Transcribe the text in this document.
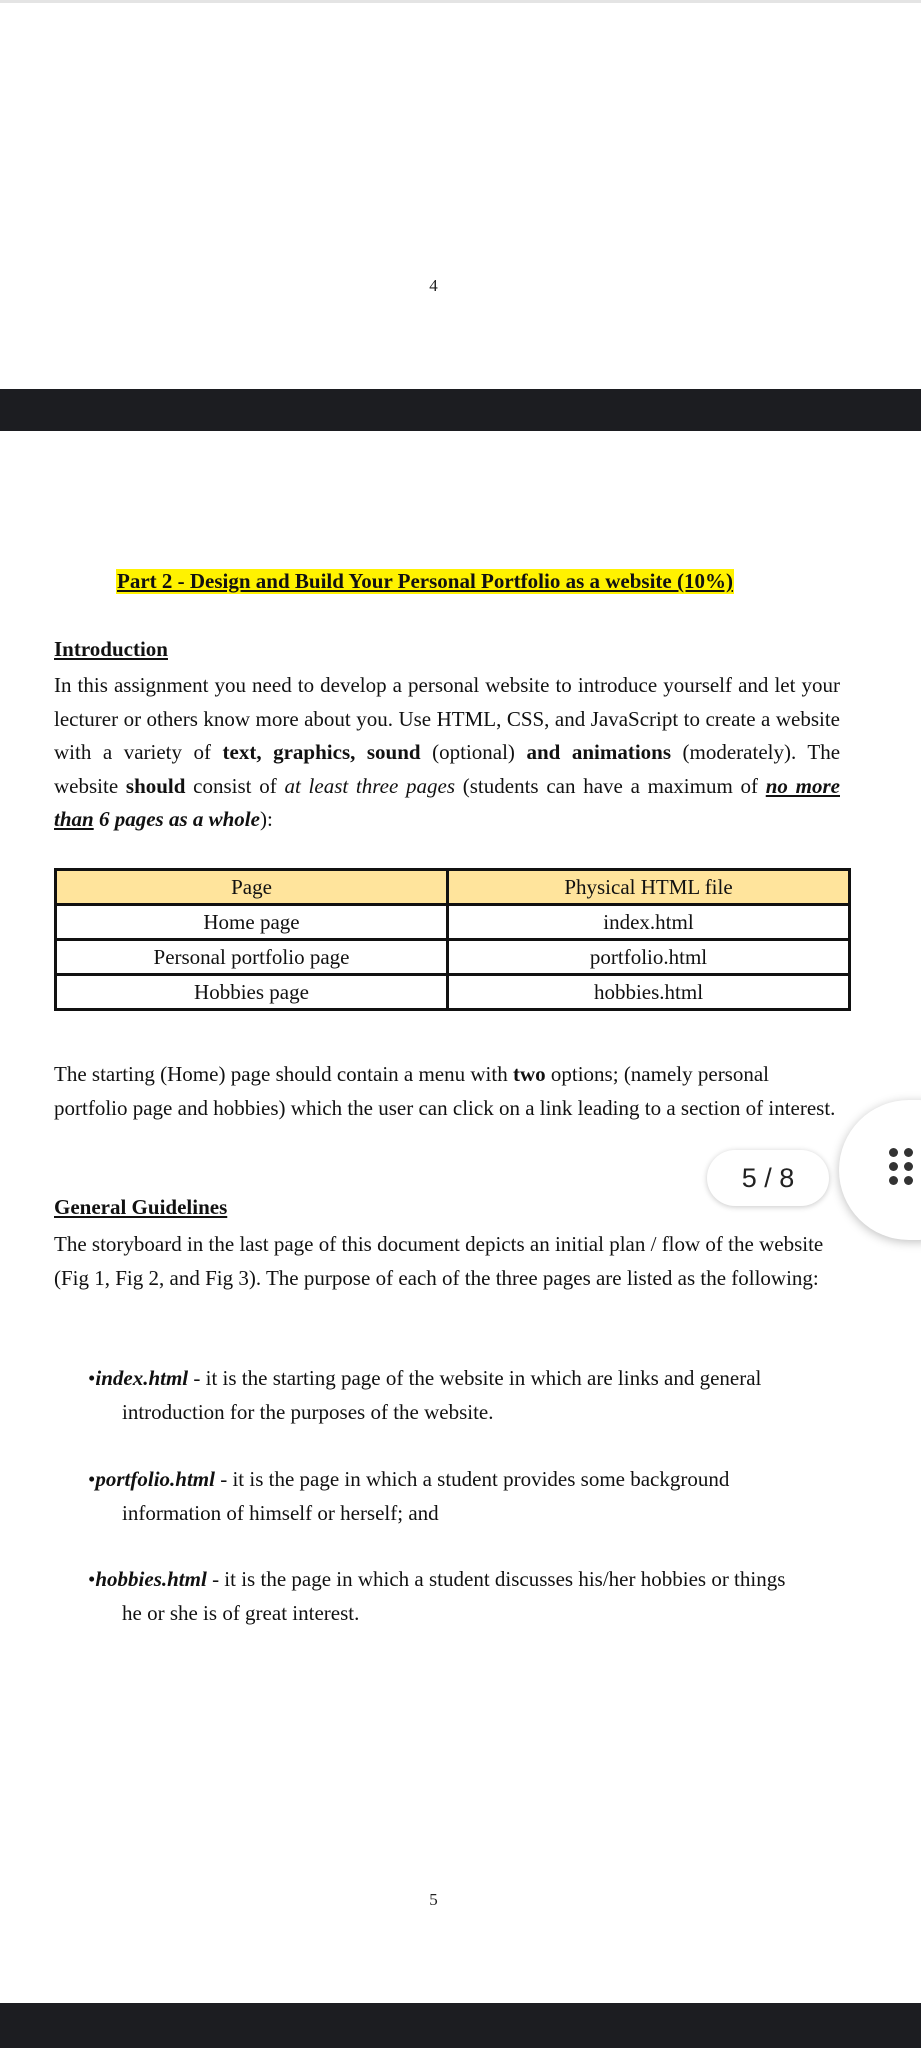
4
Part 2 - Design and Build Your Personal Portfolio as a website (10%)
Introduction
In this assignment you need to develop a personal website to introduce yourself and let your lecturer or others know more about you. Use HTML, CSS, and JavaScript to create a website with a variety of text, graphics, sound (optional) and animations (moderately). The website should consist of at least three pages (students can have a maximum of no more than 6 pages as a whole):
Page	Physical HTML file
Home page	index.html
Personal portfolio page	portfolio.html
Hobbies page	hobbies.html
The starting (Home) page should contain a menu with two options; (namely personal portfolio page and hobbies) which the user can click on a link leading to a section of interest.
General Guidelines
The storyboard in the last page of this document depicts an initial plan / flow of the website (Fig 1, Fig 2, and Fig 3). The purpose of each of the three pages are listed as the following:
•index.html - it is the starting page of the website in which are links and general
introduction for the purposes of the website.
•portfolio.html - it is the page in which a student provides some background
information of himself or herself; and
•hobbies.html - it is the page in which a student discusses his/her hobbies or things
he or she is of great interest.
5
5 / 8
